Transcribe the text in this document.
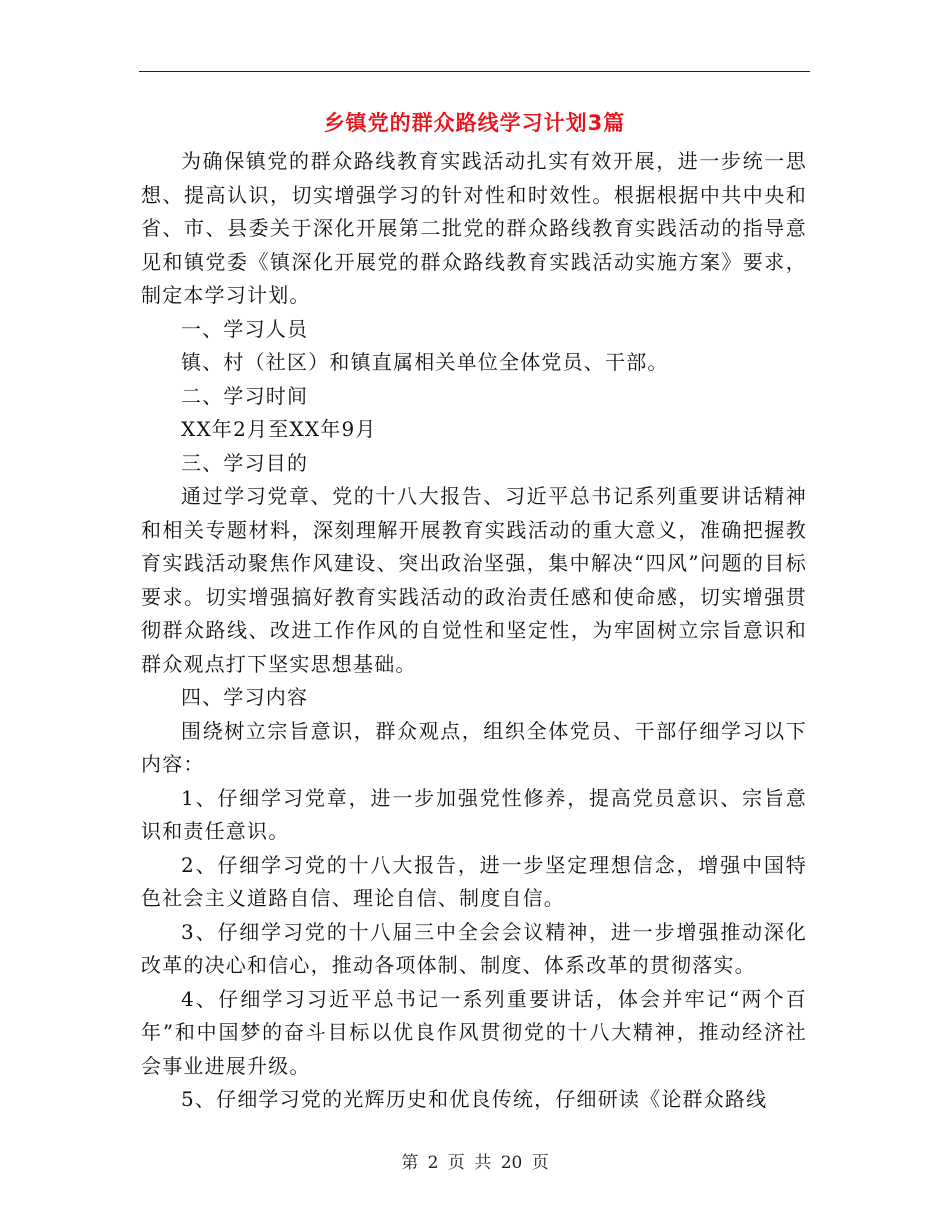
乡镇党的群众路线学习计划3篇

为确保镇党的群众路线教育实践活动扎实有效开展，进一步统一思想、提高认识，切实增强学习的针对性和时效性。根据根据中共中央和省、市、县委关于深化开展第二批党的群众路线教育实践活动的指导意见和镇党委《镇深化开展党的群众路线教育实践活动实施方案》要求，制定本学习计划。

一、学习人员

镇、村（社区）和镇直属相关单位全体党员、干部。

二、学习时间

XX年2月至XX年9月

三、学习目的

通过学习党章、党的十八大报告、习近平总书记系列重要讲话精神和相关专题材料，深刻理解开展教育实践活动的重大意义，准确把握教育实践活动聚焦作风建设、突出政治坚强，集中解决“四风”问题的目标要求。切实增强搞好教育实践活动的政治责任感和使命感，切实增强贯彻群众路线、改进工作作风的自觉性和坚定性，为牢固树立宗旨意识和群众观点打下坚实思想基础。

四、学习内容

围绕树立宗旨意识，群众观点，组织全体党员、干部仔细学习以下内容：

1、仔细学习党章，进一步加强党性修养，提高党员意识、宗旨意识和责任意识。

2、仔细学习党的十八大报告，进一步坚定理想信念，增强中国特色社会主义道路自信、理论自信、制度自信。

3、仔细学习党的十八届三中全会会议精神，进一步增强推动深化改革的决心和信心，推动各项体制、制度、体系改革的贯彻落实。

4、仔细学习习近平总书记一系列重要讲话，体会并牢记“两个百年”和中国梦的奋斗目标以优良作风贯彻党的十八大精神，推动经济社会事业进展升级。

5、仔细学习党的光辉历史和优良传统，仔细研读《论群众路线

第 2 页 共 20 页
